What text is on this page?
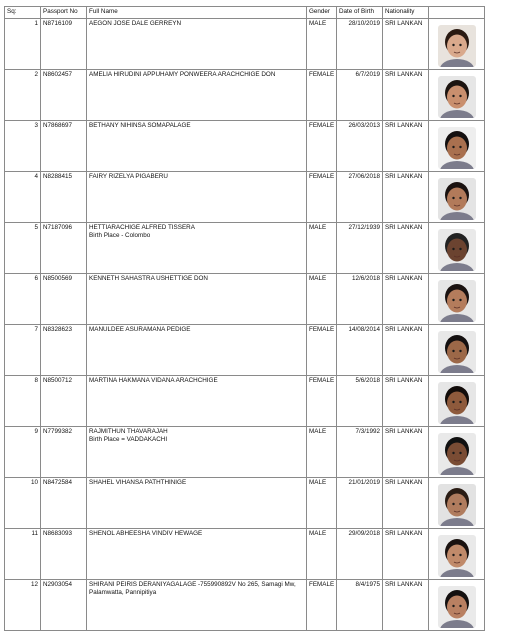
Sq:	Passport No	Full Name	Gender	Date of Birth	Nationality	
1	N8716109	AEGON JOSE DALE GERREYN	MALE	28/10/2019	SRI LANKAN	

2	N8602457	AMELIA HIRUDINI APPUHAMY PONWEERA ARACHCHIGE DON	FEMALE	6/7/2019	SRI LANKAN	

3	N7868697	BETHANY NIHINSA SOMAPALAGE	FEMALE	26/03/2013	SRI LANKAN	

4	N8288415	FAIRY RIZELYA PIGABERU	FEMALE	27/06/2018	SRI LANKAN	

5	N7187096	HETTIARACHIGE ALFRED TISSERA
Birth Place - Colombo	MALE	27/12/1939	SRI LANKAN	

6	N8500569	KENNETH SAHASTRA USHETTIGE DON	MALE	12/6/2018	SRI LANKAN	

7	N8328623	MANULDEE ASURAMANA PEDIGE	FEMALE	14/08/2014	SRI LANKAN	

8	N8500712	MARTINA HAKMANA VIDANA ARACHCHIGE	FEMALE	5/6/2018	SRI LANKAN	

9	N7799382	RAJMITHUN THAVARAJAH
Birth Place = VADDAKACHI	MALE	7/3/1992	SRI LANKAN	

10	N8472584	SHAHEL VIHANSA PATHTHINIGE	MALE	21/01/2019	SRI LANKAN	

11	N8683093	SHENOL ABHEESHA VINDIV HEWAGE	MALE	29/09/2018	SRI LANKAN	

12	N2903054	SHIRANI PEIRIS DERANIYAGALAGE -755990892V No 265, Samagi Mw, Palamwatta, Pannipitiya	FEMALE	8/4/1975	SRI LANKAN	
